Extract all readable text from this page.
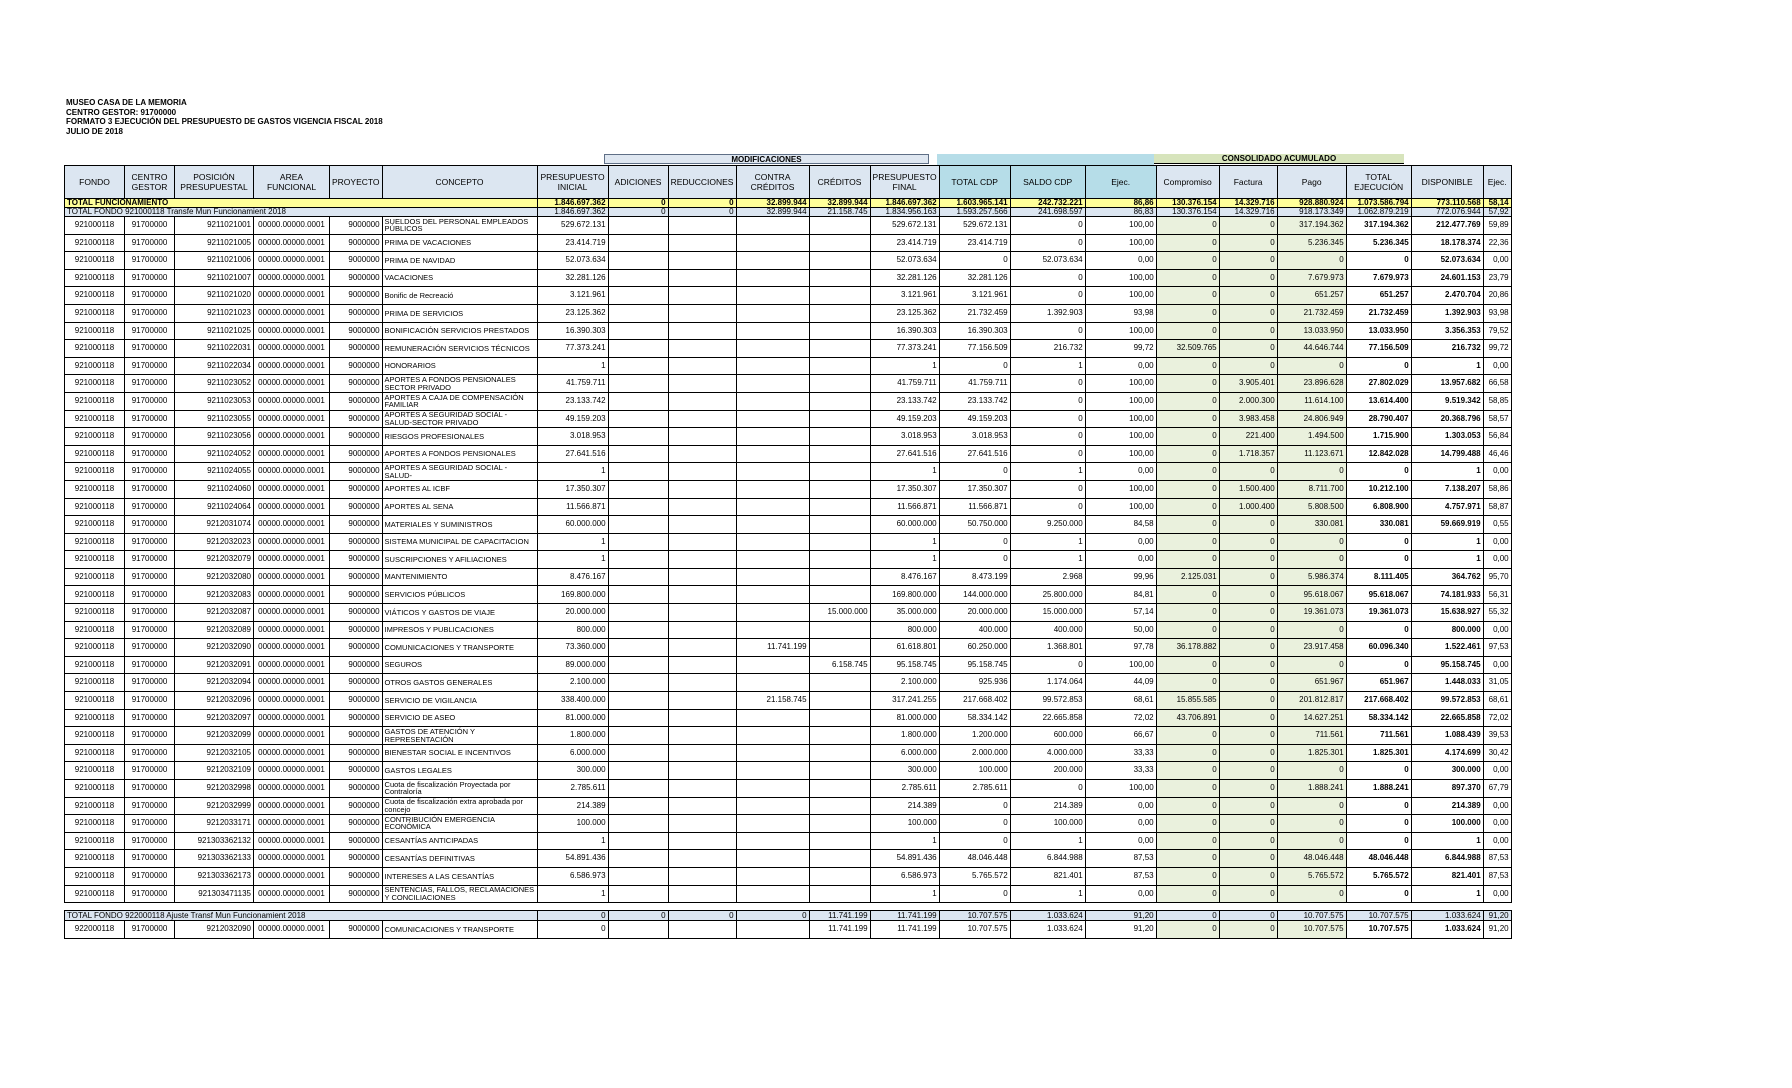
MUSEO CASA DE LA MEMORIA
CENTRO GESTOR: 91700000
FORMATO 3 EJECUCIÓN DEL PRESUPUESTO DE GASTOS VIGENCIA FISCAL 2018
JULIO DE 2018
MODIFICACIONES	CONSOLIDADO ACUMULADO
FONDO	CENTRO GESTOR	POSICIÓN PRESUPUESTAL	AREA FUNCIONAL	PROYECTO	CONCEPTO	PRESUPUESTO INICIAL	ADICIONES	REDUCCIONES	CONTRA CRÉDITOS	CRÉDITOS	PRESUPUESTO FINAL	TOTAL CDP	SALDO CDP	Ejec.	Compromiso	Factura	Pago	TOTAL EJECUCIÓN	DISPONIBLE	Ejec.
TOTAL FUNCIONAMIENTO						1.846.697.362	0	0	32.899.944	32.899.944	1.846.697.362	1.603.965.141	242.732.221	86,86	130.376.154	14.329.716	928.880.924	1.073.586.794	773.110.568	58,14
TOTAL FONDO 921000118 Transfe Mun Funcionamient 2018						1.846.697.362	0	0	32.899.944	21.158.745	1.834.956.163	1.593.257.566	241.698.597	86,83	130.376.154	14.329.716	918.173.349	1.062.879.219	772.076.944	57,92
921000118	91700000	9211021001	00000.00000.0001	9000000	SUELDOS DEL PERSONAL EMPLEADOS PÚBLICOS	529.672.131					529.672.131	529.672.131	0	100,00	0	0	317.194.362	317.194.362	212.477.769	59,89
921000118	91700000	9211021005	00000.00000.0001	9000000	PRIMA DE VACACIONES	23.414.719					23.414.719	23.414.719	0	100,00	0	0	5.236.345	5.236.345	18.178.374	22,36
921000118	91700000	9211021006	00000.00000.0001	9000000	PRIMA DE NAVIDAD	52.073.634					52.073.634	0	52.073.634	0,00	0	0	0	0	52.073.634	0,00
921000118	91700000	9211021007	00000.00000.0001	9000000	VACACIONES	32.281.126					32.281.126	32.281.126	0	100,00	0	0	7.679.973	7.679.973	24.601.153	23,79
921000118	91700000	9211021020	00000.00000.0001	9000000	Bonific de Recreació	3.121.961					3.121.961	3.121.961	0	100,00	0	0	651.257	651.257	2.470.704	20,86
921000118	91700000	9211021023	00000.00000.0001	9000000	PRIMA DE SERVICIOS	23.125.362					23.125.362	21.732.459	1.392.903	93,98	0	0	21.732.459	21.732.459	1.392.903	93,98
921000118	91700000	9211021025	00000.00000.0001	9000000	BONIFICACIÓN SERVICIOS PRESTADOS	16.390.303					16.390.303	16.390.303	0	100,00	0	0	13.033.950	13.033.950	3.356.353	79,52
921000118	91700000	9211022031	00000.00000.0001	9000000	REMUNERACIÓN SERVICIOS TÉCNICOS	77.373.241					77.373.241	77.156.509	216.732	99,72	32.509.765	0	44.646.744	77.156.509	216.732	99,72
921000118	91700000	9211022034	00000.00000.0001	9000000	HONORARIOS	1					1	0	1	0,00	0	0	0	0	1	0,00
921000118	91700000	9211023052	00000.00000.0001	9000000	APORTES A FONDOS PENSIONALES SECTOR PRIVADO	41.759.711					41.759.711	41.759.711	0	100,00	0	3.905.401	23.896.628	27.802.029	13.957.682	66,58
921000118	91700000	9211023053	00000.00000.0001	9000000	APORTES A CAJA DE COMPENSACIÓN FAMILIAR	23.133.742					23.133.742	23.133.742	0	100,00	0	2.000.300	11.614.100	13.614.400	9.519.342	58,85
921000118	91700000	9211023055	00000.00000.0001	9000000	APORTES A SEGURIDAD SOCIAL - SALUD-SECTOR PRIVADO	49.159.203					49.159.203	49.159.203	0	100,00	0	3.983.458	24.806.949	28.790.407	20.368.796	58,57
921000118	91700000	9211023056	00000.00000.0001	9000000	RIESGOS PROFESIONALES	3.018.953					3.018.953	3.018.953	0	100,00	0	221.400	1.494.500	1.715.900	1.303.053	56,84
921000118	91700000	9211024052	00000.00000.0001	9000000	APORTES A FONDOS PENSIONALES	27.641.516					27.641.516	27.641.516	0	100,00	0	1.718.357	11.123.671	12.842.028	14.799.488	46,46
921000118	91700000	9211024055	00000.00000.0001	9000000	APORTES A SEGURIDAD SOCIAL - SALUD-	1					1	0	1	0,00	0	0	0	0	1	0,00
921000118	91700000	9211024060	00000.00000.0001	9000000	APORTES AL ICBF	17.350.307					17.350.307	17.350.307	0	100,00	0	1.500.400	8.711.700	10.212.100	7.138.207	58,86
921000118	91700000	9211024064	00000.00000.0001	9000000	APORTES AL SENA	11.566.871					11.566.871	11.566.871	0	100,00	0	1.000.400	5.808.500	6.808.900	4.757.971	58,87
921000118	91700000	9212031074	00000.00000.0001	9000000	MATERIALES Y SUMINISTROS	60.000.000					60.000.000	50.750.000	9.250.000	84,58	0	0	330.081	330.081	59.669.919	0,55
921000118	91700000	9212032023	00000.00000.0001	9000000	SISTEMA MUNICIPAL DE CAPACITACION	1					1	0	1	0,00	0	0	0	0	1	0,00
921000118	91700000	9212032079	00000.00000.0001	9000000	SUSCRIPCIONES Y AFILIACIONES	1					1	0	1	0,00	0	0	0	0	1	0,00
921000118	91700000	9212032080	00000.00000.0001	9000000	MANTENIMIENTO	8.476.167					8.476.167	8.473.199	2.968	99,96	2.125.031	0	5.986.374	8.111.405	364.762	95,70
921000118	91700000	9212032083	00000.00000.0001	9000000	SERVICIOS PÚBLICOS	169.800.000					169.800.000	144.000.000	25.800.000	84,81	0	0	95.618.067	95.618.067	74.181.933	56,31
921000118	91700000	9212032087	00000.00000.0001	9000000	VIÁTICOS Y GASTOS DE VIAJE	20.000.000				15.000.000	35.000.000	20.000.000	15.000.000	57,14	0	0	19.361.073	19.361.073	15.638.927	55,32
921000118	91700000	9212032089	00000.00000.0001	9000000	IMPRESOS Y PUBLICACIONES	800.000					800.000	400.000	400.000	50,00	0	0	0	0	800.000	0,00
921000118	91700000	9212032090	00000.00000.0001	9000000	COMUNICACIONES Y TRANSPORTE	73.360.000			11.741.199		61.618.801	60.250.000	1.368.801	97,78	36.178.882	0	23.917.458	60.096.340	1.522.461	97,53
921000118	91700000	9212032091	00000.00000.0001	9000000	SEGUROS	89.000.000				6.158.745	95.158.745	95.158.745	0	100,00	0	0	0	0	95.158.745	0,00
921000118	91700000	9212032094	00000.00000.0001	9000000	OTROS GASTOS GENERALES	2.100.000					2.100.000	925.936	1.174.064	44,09	0	0	651.967	651.967	1.448.033	31,05
921000118	91700000	9212032096	00000.00000.0001	9000000	SERVICIO DE VIGILANCIA	338.400.000			21.158.745		317.241.255	217.668.402	99.572.853	68,61	15.855.585	0	201.812.817	217.668.402	99.572.853	68,61
921000118	91700000	9212032097	00000.00000.0001	9000000	SERVICIO DE ASEO	81.000.000					81.000.000	58.334.142	22.665.858	72,02	43.706.891	0	14.627.251	58.334.142	22.665.858	72,02
921000118	91700000	9212032099	00000.00000.0001	9000000	GASTOS DE ATENCIÓN Y REPRESENTACIÓN	1.800.000					1.800.000	1.200.000	600.000	66,67	0	0	711.561	711.561	1.088.439	39,53
921000118	91700000	9212032105	00000.00000.0001	9000000	BIENESTAR SOCIAL E INCENTIVOS	6.000.000					6.000.000	2.000.000	4.000.000	33,33	0	0	1.825.301	1.825.301	4.174.699	30,42
921000118	91700000	9212032109	00000.00000.0001	9000000	GASTOS LEGALES	300.000					300.000	100.000	200.000	33,33	0	0	0	0	300.000	0,00
921000118	91700000	9212032998	00000.00000.0001	9000000	Cuota de fiscalización Proyectada por Contraloría	2.785.611					2.785.611	2.785.611	0	100,00	0	0	1.888.241	1.888.241	897.370	67,79
921000118	91700000	9212032999	00000.00000.0001	9000000	Cuota de fiscalización extra aprobada por concejo	214.389					214.389	0	214.389	0,00	0	0	0	0	214.389	0,00
921000118	91700000	9212033171	00000.00000.0001	9000000	CONTRIBUCIÓN EMERGENCIA ECONÓMICA	100.000					100.000	0	100.000	0,00	0	0	0	0	100.000	0,00
921000118	91700000	921303362132	00000.00000.0001	9000000	CESANTÍAS ANTICIPADAS	1					1	0	1	0,00	0	0	0	0	1	0,00
921000118	91700000	921303362133	00000.00000.0001	9000000	CESANTÍAS DEFINITIVAS	54.891.436					54.891.436	48.046.448	6.844.988	87,53	0	0	48.046.448	48.046.448	6.844.988	87,53
921000118	91700000	921303362173	00000.00000.0001	9000000	INTERESES A LAS CESANTÍAS	6.586.973					6.586.973	5.765.572	821.401	87,53	0	0	5.765.572	5.765.572	821.401	87,53
921000118	91700000	921303471135	00000.00000.0001	9000000	SENTENCIAS, FALLOS, RECLAMACIONES Y CONCILIACIONES	1					1	0	1	0,00	0	0	0	0	1	0,00

TOTAL FONDO 922000118 Ajuste Transf Mun Funcionamient 2018						0	0	0	0	11.741.199	11.741.199	10.707.575	1.033.624	91,20	0	0	10.707.575	10.707.575	1.033.624	91,20
922000118	91700000	9212032090	00000.00000.0001	9000000	COMUNICACIONES Y TRANSPORTE	0				11.741.199	11.741.199	10.707.575	1.033.624	91,20	0	0	10.707.575	10.707.575	1.033.624	91,20
